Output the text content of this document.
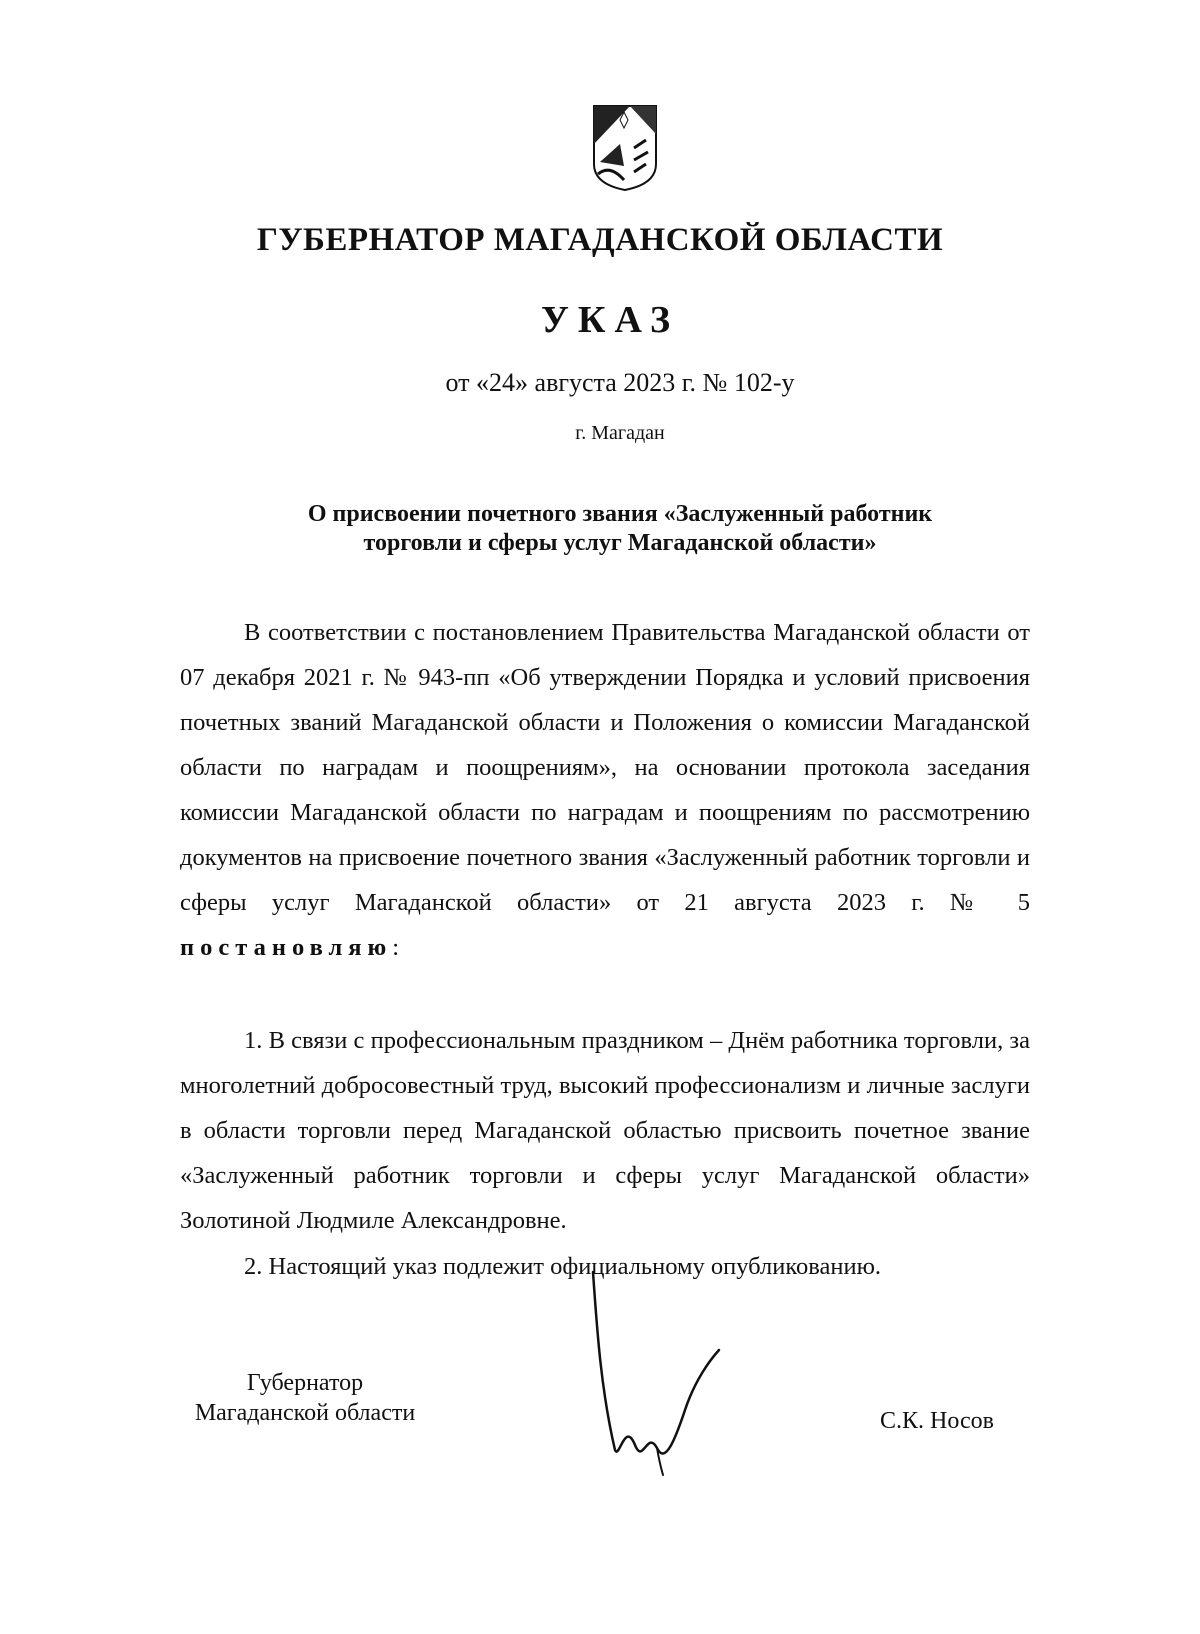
ГУБЕРНАТОР МАГАДАНСКОЙ ОБЛАСТИ
УКАЗ
от «24» августа 2023 г. № 102-у
г. Магадан
О присвоении почетного звания «Заслуженный работник
торговли и сферы услуг Магаданской области»
В соответствии с постановлением Правительства Магаданской области от 07 декабря 2021 г. № 943-пп «Об утверждении Порядка и условий присвоения почетных званий Магаданской области и Положения о комиссии Магаданской области по наградам и поощрениям», на основании протокола заседания комиссии Магаданской области по наградам и поощрениям по рассмотрению документов на присвоение почетного звания «Заслуженный работник торговли и сферы услуг Магаданской области» от 21 августа 2023 г. № 5 постановляю:
1. В связи с профессиональным праздником – Днём работника торговли, за многолетний добросовестный труд, высокий профессионализм и личные заслуги в области торговли перед Магаданской областью присвоить почетное звание «Заслуженный работник торговли и сферы услуг Магаданской области» Золотиной Людмиле Александровне.
2. Настоящий указ подлежит официальному опубликованию.
Губернатор
Магаданской области	С.К. Носов
